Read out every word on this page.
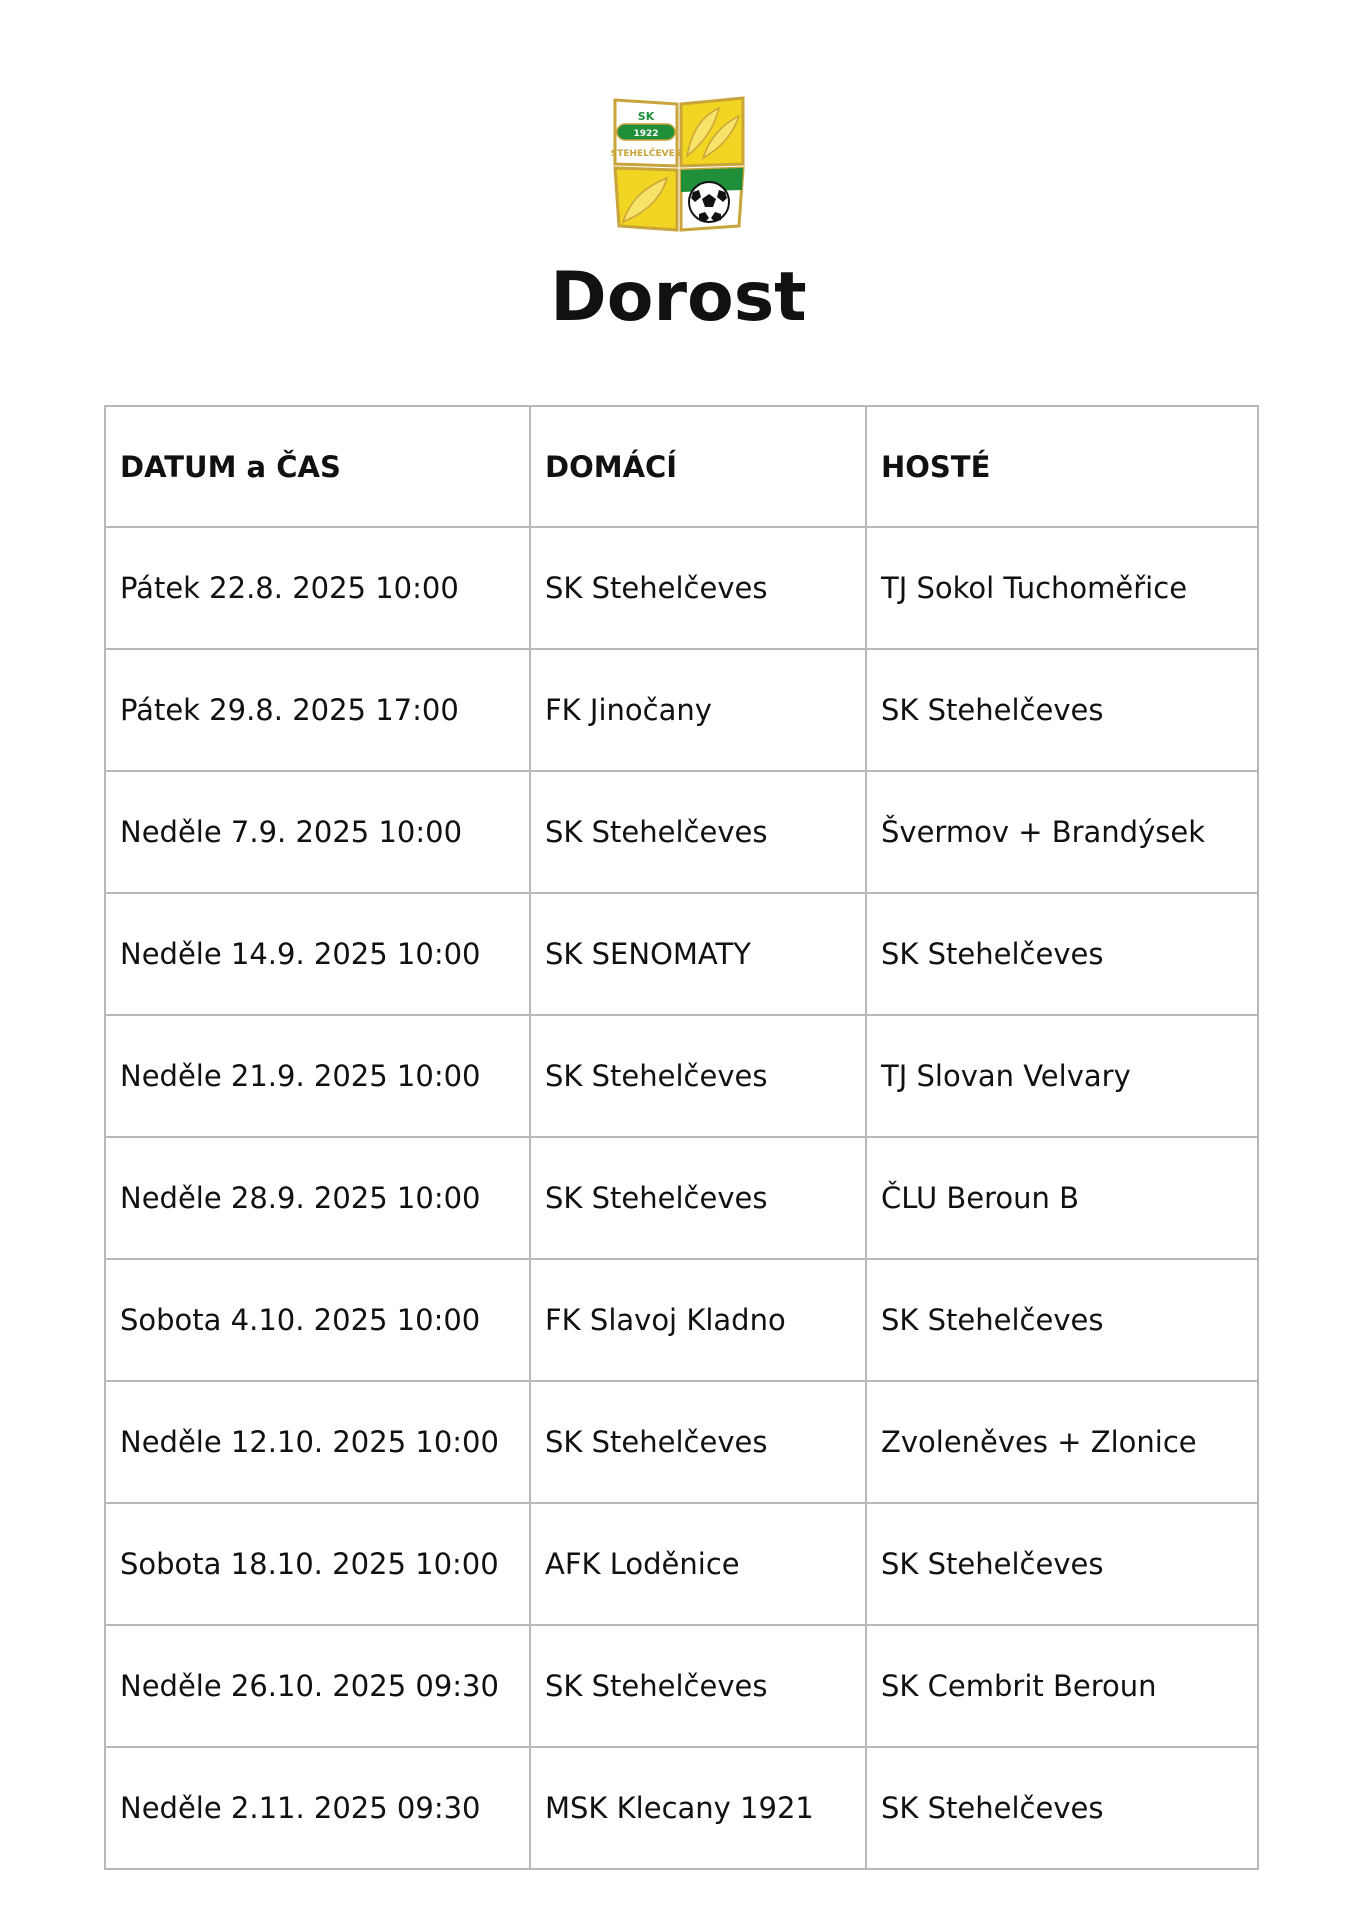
SK
1922
STEHELČEVES
Dorost
DATUM a ČAS	DOMÁCÍ	HOSTÉ
Pátek 22.8. 2025 10:00	SK Stehelčeves	TJ Sokol Tuchoměřice
Pátek 29.8. 2025 17:00	FK Jinočany	SK Stehelčeves
Neděle 7.9. 2025 10:00	SK Stehelčeves	Švermov + Brandýsek
Neděle 14.9. 2025 10:00	SK SENOMATY	SK Stehelčeves
Neděle 21.9. 2025 10:00	SK Stehelčeves	TJ Slovan Velvary
Neděle 28.9. 2025 10:00	SK Stehelčeves	ČLU Beroun B
Sobota 4.10. 2025 10:00	FK Slavoj Kladno	SK Stehelčeves
Neděle 12.10. 2025 10:00	SK Stehelčeves	Zvoleněves + Zlonice
Sobota 18.10. 2025 10:00	AFK Loděnice	SK Stehelčeves
Neděle 26.10. 2025 09:30	SK Stehelčeves	SK Cembrit Beroun
Neděle 2.11. 2025 09:30	MSK Klecany 1921	SK Stehelčeves
